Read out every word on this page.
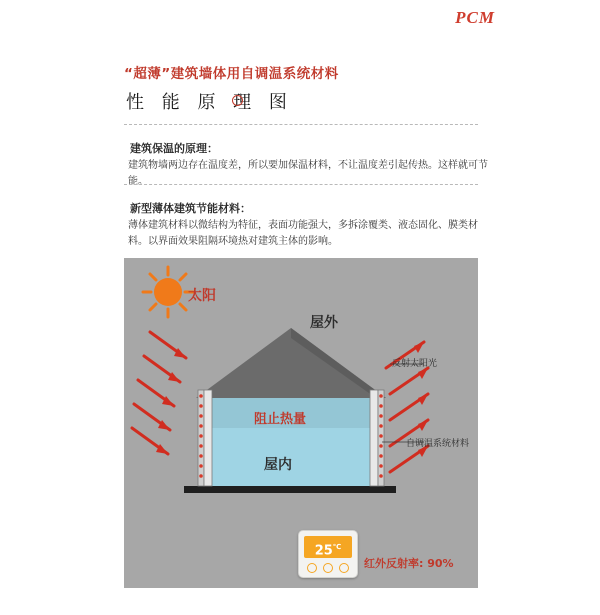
PCM
“超薄”建筑墙体用自调温系统材料
性 能 原 理 图
建筑保温的原理：
建筑物墙两边存在温度差，所以要加保温材料，不让温度差引起传热。这样就可节能。
新型薄体建筑节能材料：
薄体建筑材料以微结构为特征，表面功能强大，多拆涂覆类、液态固化、膜类材料。以界面效果阻隔环境热对建筑主体的影响。
太阳
屋外
反射太阳光
阻止热量
自调温系统材料
屋内
红外反射率: 90%
25℃
